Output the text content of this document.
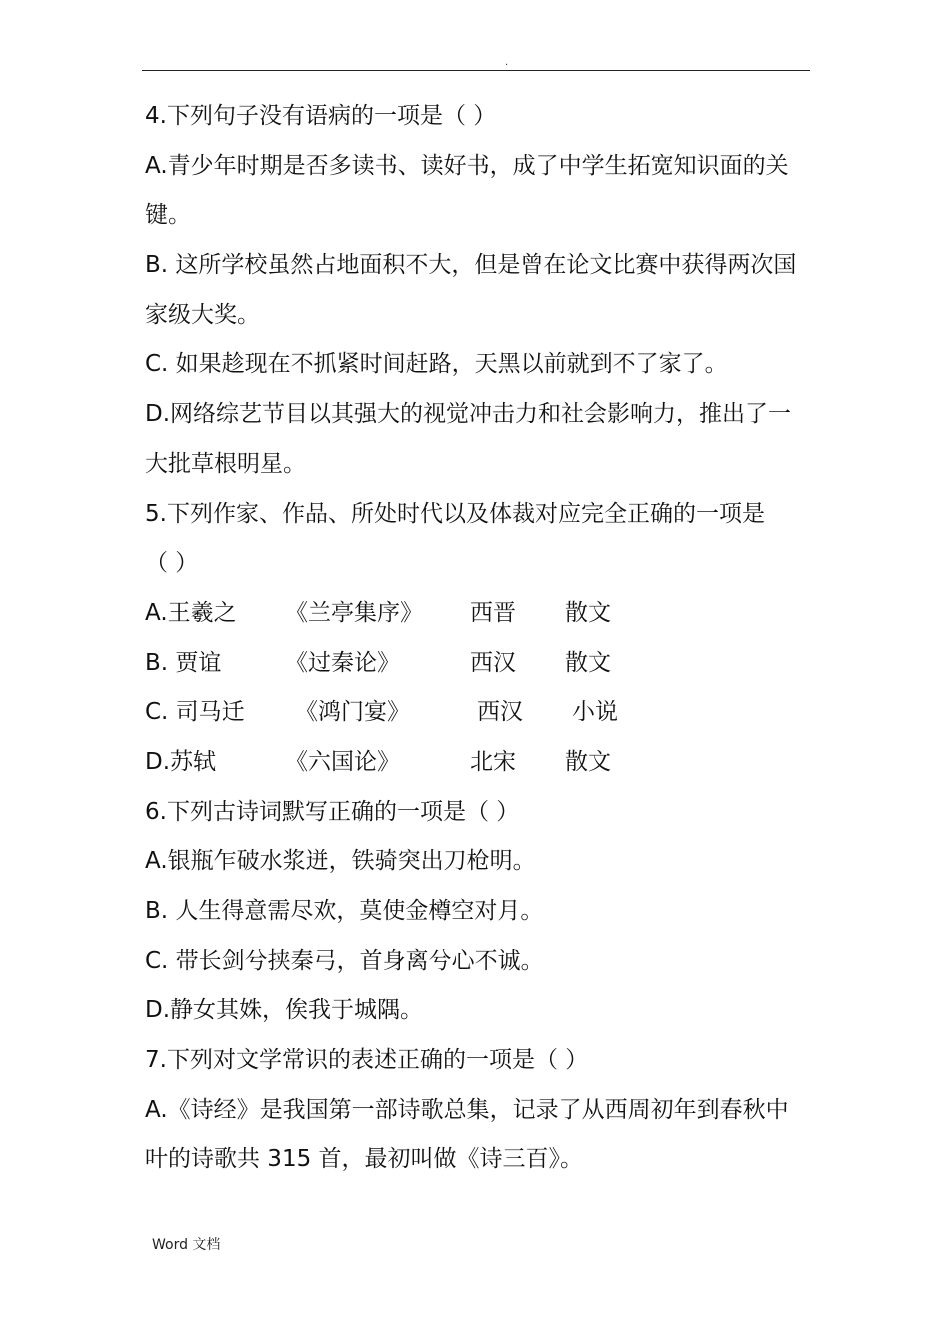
.
4.下列句子没有语病的一项是（ ）
A.青少年时期是否多读书、读好书，成了中学生拓宽知识面的关
键。
B. 这所学校虽然占地面积不大，但是曾在论文比赛中获得两次国
家级大奖。
C. 如果趁现在不抓紧时间赶路，天黑以前就到不了家了。
D.网络综艺节目以其强大的视觉冲击力和社会影响力，推出了一
大批草根明星。
5.下列作家、作品、所处时代以及体裁对应完全正确的一项是
（ ）
A.王羲之	《兰亭集序》	西晋	散文
B. 贾谊	《过秦论》	西汉	散文
C. 司马迁	《鸿门宴》	西汉	小说
D.苏轼	《六国论》	北宋	散文
6.下列古诗词默写正确的一项是（ ）
A.银瓶乍破水浆迸，铁骑突出刀枪明。
B. 人生得意需尽欢，莫使金樽空对月。
C. 带长剑兮挟秦弓，首身离兮心不诚。
D.静女其姝，俟我于城隅。
7.下列对文学常识的表述正确的一项是（ ）
A.《诗经》是我国第一部诗歌总集，记录了从西周初年到春秋中
叶的诗歌共 315 首，最初叫做《诗三百》。
Word 文档
